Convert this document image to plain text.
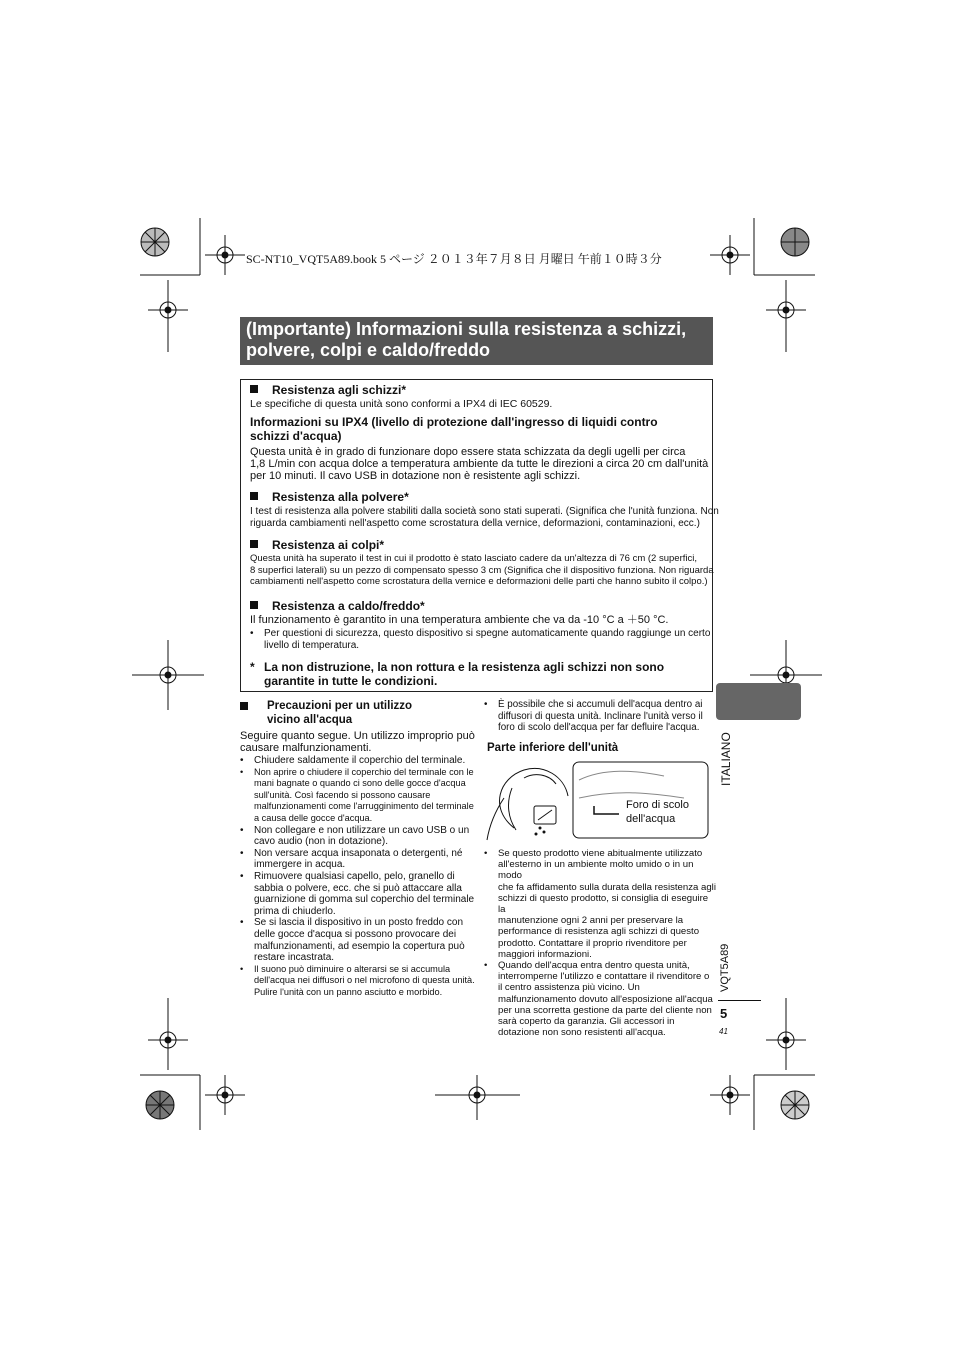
SC-NT10_VQT5A89.book 5 ページ ２０１３年７月８日 月曜日 午前１０時３分
(Importante) Informazioni sulla resistenza a schizzi,
polvere, colpi e caldo/freddo
Resistenza agli schizzi*
Le specifiche di questa unità sono conformi a IPX4 di IEC 60529.
Informazioni su IPX4 (livello di protezione dall'ingresso di liquidi contro
schizzi d'acqua)
Questa unità è in grado di funzionare dopo essere stata schizzata da degli ugelli per circa
1,8 L/min con acqua dolce a temperatura ambiente da tutte le direzioni a circa 20 cm dall'unità
per 10 minuti. Il cavo USB in dotazione non è resistente agli schizzi.
Resistenza alla polvere*
I test di resistenza alla polvere stabiliti dalla società sono stati superati. (Significa che l'unità funziona. Non
riguarda cambiamenti nell'aspetto come scrostatura della vernice, deformazioni, contaminazioni, ecc.)
Resistenza ai colpi*
Questa unità ha superato il test in cui il prodotto è stato lasciato cadere da un'altezza di 76 cm (2 superfici,
8 superfici laterali) su un pezzo di compensato spesso 3 cm (Significa che il dispositivo funziona. Non riguarda
cambiamenti nell'aspetto come scrostatura della vernice e deformazioni delle parti che hanno subito il colpo.)
Resistenza a caldo/freddo*
Il funzionamento è garantito in una temperatura ambiente che va da -10 °C a ＋50 °C.
• Per questioni di sicurezza, questo dispositivo si spegne automaticamente quando raggiunge un certo
livello di temperatura.
* La non distruzione, la non rottura e la resistenza agli schizzi non sono
garantite in tutte le condizioni.
Precauzioni per un utilizzo
vicino all'acqua
Seguire quanto segue. Un utilizzo improprio può
causare malfunzionamenti.
• Chiudere saldamente il coperchio del terminale.
• Non aprire o chiudere il coperchio del terminale con le
mani bagnate o quando ci sono delle gocce d'acqua
sull'unità. Così facendo si possono causare
malfunzionamenti come l'arrugginimento del terminale
a causa delle gocce d'acqua.
• Non collegare e non utilizzare un cavo USB o un
cavo audio (non in dotazione).
• Non versare acqua insaponata o detergenti, né
immergere in acqua.
• Rimuovere qualsiasi capello, pelo, granello di
sabbia o polvere, ecc. che si può attaccare alla
guarnizione di gomma sul coperchio del terminale
prima di chiuderlo.
• Se si lascia il dispositivo in un posto freddo con
delle gocce d'acqua si possono provocare dei
malfunzionamenti, ad esempio la copertura può
restare incastrata.
• Il suono può diminuire o alterarsi se si accumula
dell'acqua nei diffusori o nel microfono di questa unità.
Pulire l'unità con un panno asciutto e morbido.
• È possibile che si accumuli dell'acqua dentro ai
diffusori di questa unità. Inclinare l'unità verso il
foro di scolo dell'acqua per far defluire l'acqua.
Parte inferiore dell'unità
Foro di scolo
dell'acqua
• Se questo prodotto viene abitualmente utilizzato
all'esterno in un ambiente molto umido o in un modo
che fa affidamento sulla durata della resistenza agli
schizzi di questo prodotto, si consiglia di eseguire la
manutenzione ogni 2 anni per preservare la
performance di resistenza agli schizzi di questo
prodotto. Contattare il proprio rivenditore per
maggiori informazioni.
• Quando dell'acqua entra dentro questa unità,
interromperne l'utilizzo e contattare il rivenditore o
il centro assistenza più vicino. Un
malfunzionamento dovuto all'esposizione all'acqua
per una scorretta gestione da parte del cliente non
sarà coperto da garanzia. Gli accessori in
dotazione non sono resistenti all'acqua.
ITALIANO
VQT5A89
5
41
